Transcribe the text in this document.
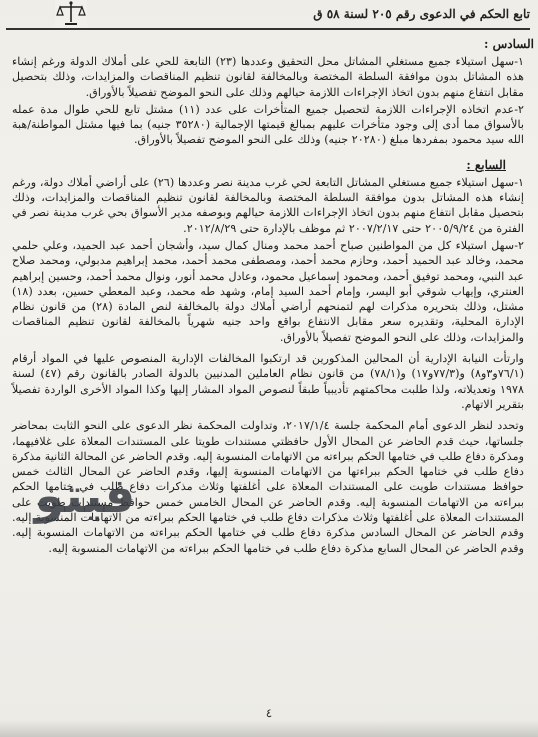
تابع الحكم في الدعوى رقم ٢٠٥ لسنة ٥٨ ق
السادس :

١-سهل استيلاء جميع مستغلي المشاتل محل التحقيق وعددها (٢٣) التابعة للحي على أملاك الدولة ورغم إنشاء هذه المشاتل بدون موافقة السلطة المختصة وبالمخالفة لقانون تنظيم المناقصات والمزايدات، وذلك بتحصيل مقابل انتفاع منهم بدون اتخاذ الإجراءات اللازمة حيالهم وذلك على النحو الموضح تفصيلاً بالأوراق.

٢-عدم اتخاذه الإجراءات اللازمة لتحصيل جميع المتأخرات على عدد (١١) مشتل تابع للحي طوال مدة عمله بالأسواق مما أدى إلى وجود متأخرات عليهم بمبالغ قيمتها الإجمالية (٣٥٢٨٠ جنيه) بما فيها مشتل المواطنة/هبة الله سيد محمود بمفردها مبلغ (٢٠٢٨٠ جنيه) وذلك على النحو الموضح تفصيلاً بالأوراق.

السابع :

١-سهل استيلاء جميع مستغلي المشاتل التابعة لحي غرب مدينة نصر وعددها (٢٦) على أراضي أملاك دولة، ورغم إنشاء هذه المشاتل بدون موافقة السلطة المختصة وبالمخالفة لقانون تنظيم المناقصات والمزايدات، وذلك بتحصيل مقابل انتفاع منهم بدون اتخاذ الإجراءات اللازمة حيالهم وبوصفه مدير الأسواق بحي غرب مدينة نصر في الفترة من ٢٠٠٥/٩/٢٤ حتى ٢٠٠٧/٢/١٧ ثم موظف بالإدارة حتى ٢٠١٢/٨/٢٩.

٢-سهل استيلاء كل من المواطنين صباح أحمد محمد ومنال كمال سيد، وأشجان أحمد عبد الحميد، وعلي حلمي محمد، وخالد عبد الحميد أحمد، وحازم محمد أحمد، ومصطفى محمد أحمد، محمد إبراهيم مدبولي، ومحمد صلاح عبد النبي، ومحمد توفيق أحمد، ومحمود إسماعيل محمود، وعادل محمد أنور، ونوال محمد أحمد، وحسين إبراهيم العنتري، وإيهاب شوقي أبو اليسر، وإمام أحمد السيد إمام، وشهد طه محمد، وعبد المعطي حسين، بعدد (١٨) مشتل، وذلك بتحريره مذكرات لهم لتمنحهم أراضي أملاك دولة بالمخالفة لنص المادة (٢٨) من قانون نظام الإدارة المحلية، وتقديره سعر مقابل الانتفاع بواقع واحد جنيه شهرياً بالمخالفة لقانون تنظيم المناقصات والمزايدات، وذلك على النحو الموضح تفصيلاً بالأوراق.

وارتأت النيابة الإدارية أن المحالين المذكورين قد ارتكبوا المخالفات الإدارية المنصوص عليها في المواد أرقام (٧٦/١و٣و٨) و(٧٧/٣و١٧) و(٧٨/١) من قانون نظام العاملين المدنيين بالدولة الصادر بالقانون رقم (٤٧) لسنة ١٩٧٨ وتعديلاته، ولذا طلبت محاكمتهم تأديبياً طبقاً لنصوص المواد المشار إليها وكذا المواد الأخرى الواردة تفصيلاً بتقرير الاتهام.

وتحدد لنظر الدعوى أمام المحكمة جلسة ٢٠١٧/١/٤، وتداولت المحكمة نظر الدعوى على النحو الثابت بمحاضر جلساتها، حيث قدم الحاضر عن المحال الأول حافظتي مستندات طويتا على المستندات المعلاة على غلافيهما، ومذكرة دفاع طلب في ختامها الحكم ببراءته من الاتهامات المنسوبة إليه. وقدم الحاضر عن المحالة الثانية مذكرة دفاع طلب في ختامها الحكم ببراءتها من الاتهامات المنسوبة إليها، وقدم الحاضر عن المحال الثالث خمس حوافظ مستندات طويت على المستندات المعلاة على أغلفتها وثلاث مذكرات دفاع طلب في ختامها الحكم ببراءته من الاتهامات المنسوبة إليه. وقدم الحاضر عن المحال الخامس خمس حوافظ مستندات طويت على المستندات المعلاة على أغلفتها وثلاث مذكرات دفاع طلب في ختامها الحكم ببراءته من الاتهامات المنسوبة إليه. وقدم الحاضر عن المحال السادس مذكرة دفاع طلب في ختامها الحكم ببراءته من الاتهامات المنسوبة إليه. وقدم الحاضر عن المحال السابع مذكرة دفاع طلب في ختامها الحكم ببراءته من الاتهامات المنسوبة إليه.

فيتو
٤
